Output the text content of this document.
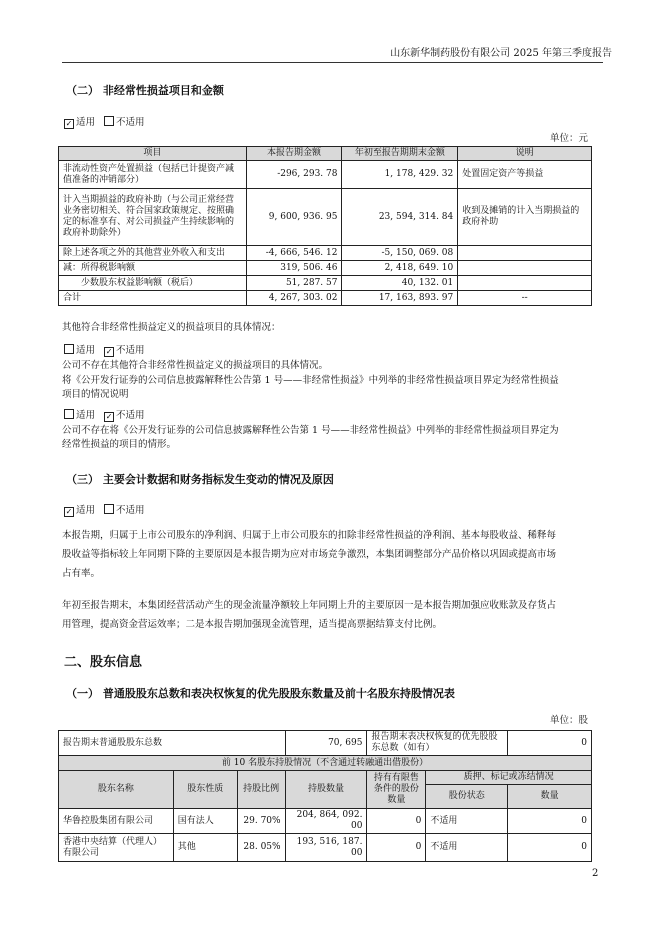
山东新华制药股份有限公司 2025 年第三季度报告
（二） 非经常性损益项目和金额
✓ 适用 不适用
单位：元
项目	本报告期金额	年初至报告期期末金额	说明
非流动性资产处置损益（包括已计提资产减值准备的冲销部分）	-296, 293. 78	1, 178, 429. 32	处置固定资产等损益
计入当期损益的政府补助（与公司正常经营业务密切相关、符合国家政策规定、按照确定的标准享有、对公司损益产生持续影响的政府补助除外）	9, 600, 936. 95	23, 594, 314. 84	收到及摊销的计入当期损益的政府补助
除上述各项之外的其他营业外收入和支出	-4, 666, 546. 12	-5, 150, 069. 08	
减：所得税影响额	319, 506. 46	2, 418, 649. 10	
少数股东权益影响额（税后）	51, 287. 57	40, 132. 01	
合计	4, 267, 303. 02	17, 163, 893. 97	--
其他符合非经常性损益定义的损益项目的具体情况：
适用 ✓ 不适用
公司不存在其他符合非经常性损益定义的损益项目的具体情况。
将《公开发行证券的公司信息披露解释性公告第 1 号——非经常性损益》中列举的非经常性损益项目界定为经常性损益
项目的情况说明
适用 ✓ 不适用
公司不存在将《公开发行证券的公司信息披露解释性公告第 1 号——非经常性损益》中列举的非经常性损益项目界定为
经常性损益的项目的情形。
（三） 主要会计数据和财务指标发生变动的情况及原因
✓ 适用 不适用
本报告期，归属于上市公司股东的净利润、归属于上市公司股东的扣除非经常性损益的净利润、基本每股收益、稀释每
股收益等指标较上年同期下降的主要原因是本报告期为应对市场竞争激烈，本集团调整部分产品价格以巩固或提高市场
占有率。
年初至报告期末，本集团经营活动产生的现金流量净额较上年同期上升的主要原因一是本报告期加强应收账款及存货占
用管理，提高资金营运效率；二是本报告期加强现金流管理，适当提高票据结算支付比例。
二、股东信息
（一） 普通股股东总数和表决权恢复的优先股股东数量及前十名股东持股情况表
单位：股
报告期末普通股股东总数			70, 695	报告期末表决权恢复的优先股股东总数（如有）		0
前 10 名股东持股情况（不含通过转融通出借股份）						
股东名称	股东性质	持股比例	持股数量	持有有限售条件的股份数量	质押、标记或冻结情况	
					股份状态	数量
华鲁控股集团有限公司	国有法人	29. 70%	204, 864, 092. 00	0	不适用	0
香港中央结算（代理人）有限公司	其他	28. 05%	193, 516, 187. 00	0	不适用	0
2
